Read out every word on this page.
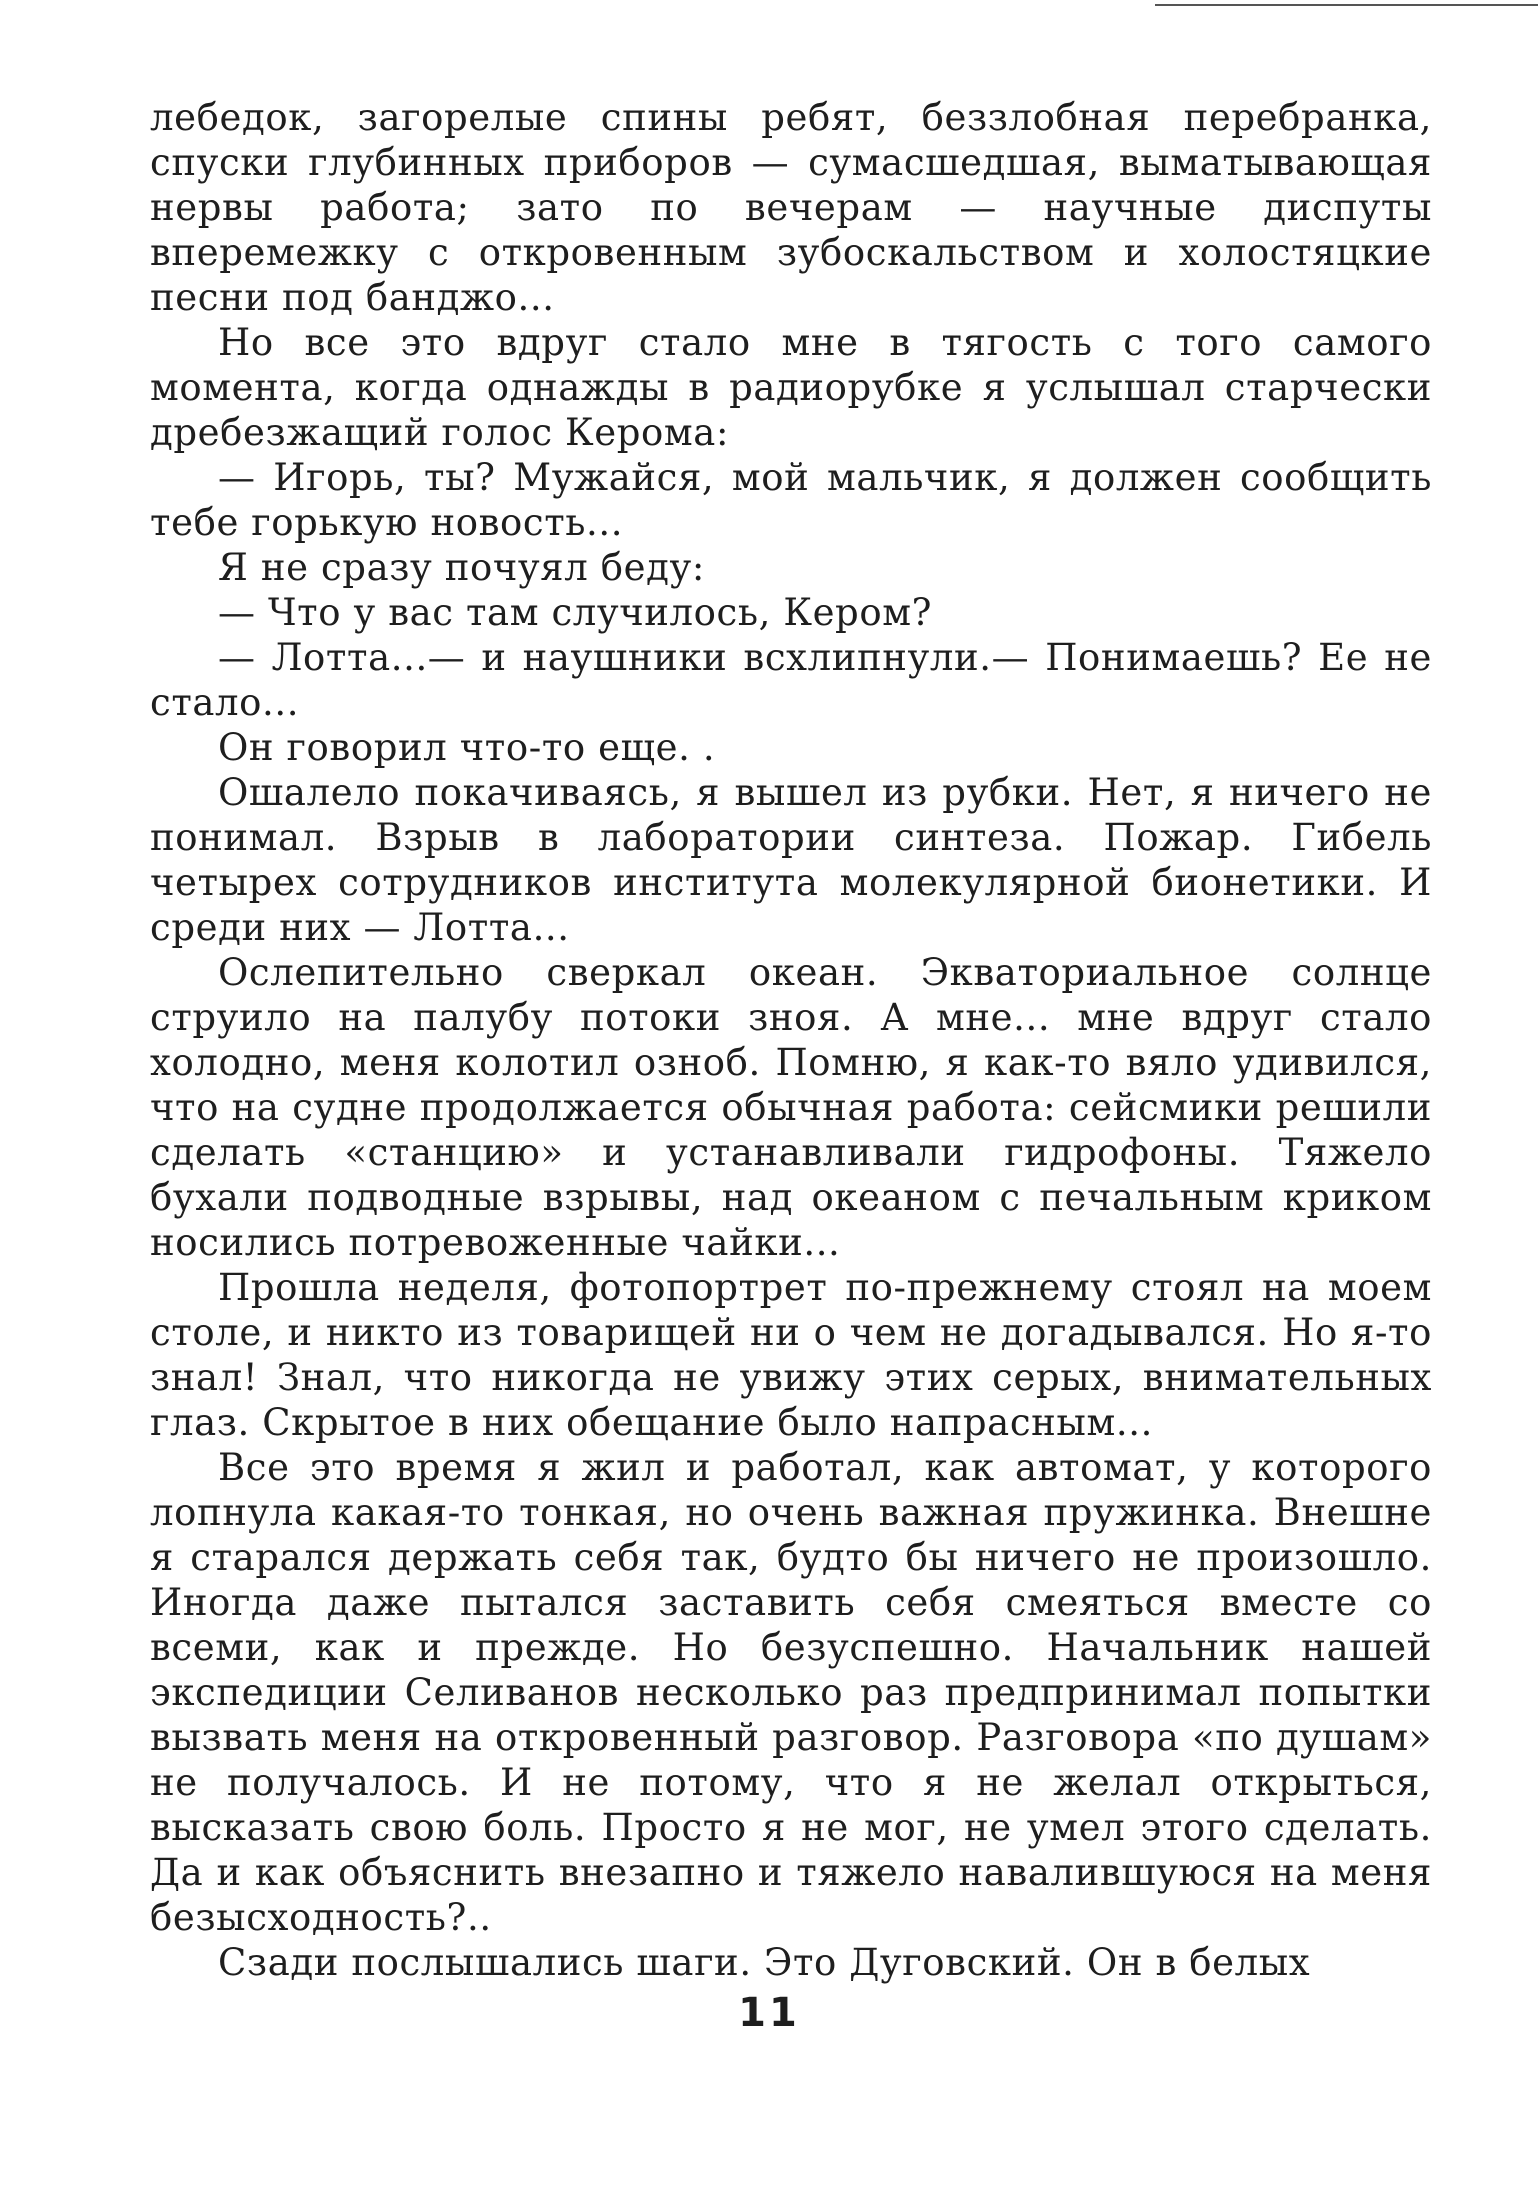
лебедок, загорелые спины ребят, беззлобная перебранка, спуски глубинных приборов — сумасшедшая, выматывающая нервы работа; зато по вечерам — научные диспуты вперемежку с откровенным зубоскальством и холостяцкие песни под банджо...

Но все это вдруг стало мне в тягость с того самого момента, когда однажды в радиорубке я услышал старчески дребезжащий голос Керома:

— Игорь, ты? Мужайся, мой мальчик, я должен сообщить тебе горькую новость...

Я не сразу почуял беду:

— Что у вас там случилось, Кером?

— Лотта...— и наушники всхлипнули.— Понимаешь? Ее не стало...

Он говорил что-то еще. .

Ошалело покачиваясь, я вышел из рубки. Нет, я ничего не понимал. Взрыв в лаборатории синтеза. Пожар. Гибель четырех сотрудников института молекулярной бионетики. И среди них — Лотта...

Ослепительно сверкал океан. Экваториальное солнце струило на палубу потоки зноя. А мне... мне вдруг стало холодно, меня колотил озноб. Помню, я как-то вяло удивился, что на судне продолжается обычная работа: сейсмики решили сделать «станцию» и устанавливали гидрофоны. Тяжело бухали подводные взрывы, над океаном с печальным криком носились потревоженные чайки...

Прошла неделя, фотопортрет по-прежнему стоял на моем столе, и никто из товарищей ни о чем не догадывался. Но я-то знал! Знал, что никогда не увижу этих серых, внимательных глаз. Скрытое в них обещание было напрасным...

Все это время я жил и работал, как автомат, у которого лопнула какая-то тонкая, но очень важная пружинка. Внешне я старался держать себя так, будто бы ничего не произошло. Иногда даже пытался заставить себя смеяться вместе со всеми, как и прежде. Но безуспешно. Начальник нашей экспедиции Селиванов несколько раз предпринимал попытки вызвать меня на откровенный разговор. Разговора «по душам» не получалось. И не потому, что я не желал открыться, высказать свою боль. Просто я не мог, не умел этого сделать. Да и как объяснить внезапно и тяжело навалившуюся на меня безысходность?..

Сзади послышались шаги. Это Дуговский. Он в белых

11
